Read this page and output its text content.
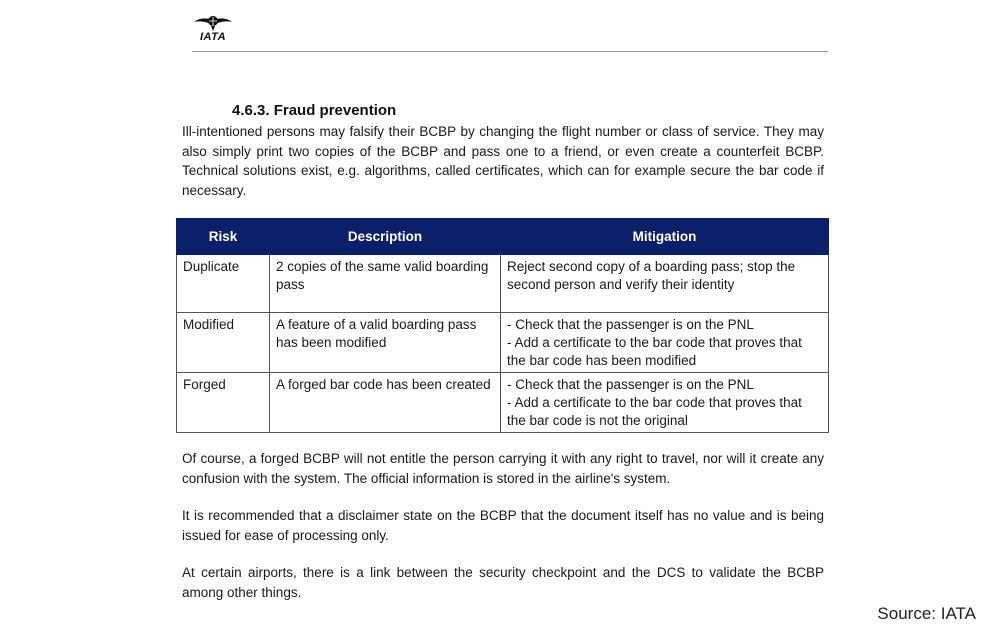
IATA
4.6.3. Fraud prevention
Ill-intentioned persons may falsify their BCBP by changing the flight number or class of service. They may also simply print two copies of the BCBP and pass one to a friend, or even create a counterfeit BCBP. Technical solutions exist, e.g. algorithms, called certificates, which can for example secure the bar code if necessary.
Risk	Description	Mitigation
Duplicate	2 copies of the same valid boarding pass	Reject second copy of a boarding pass; stop the second person and verify their identity

Modified	A feature of a valid boarding pass has been modified	- Check that the passenger is on the PNL
- Add a certificate to the bar code that proves that the bar code has been modified

Forged	A forged bar code has been created	- Check that the passenger is on the PNL
- Add a certificate to the bar code that proves that the bar code is not the original
Of course, a forged BCBP will not entitle the person carrying it with any right to travel, nor will it create any confusion with the system. The official information is stored in the airline's system.
It is recommended that a disclaimer state on the BCBP that the document itself has no value and is being issued for ease of processing only.
At certain airports, there is a link between the security checkpoint and the DCS to validate the BCBP among other things.
Source: IATA
